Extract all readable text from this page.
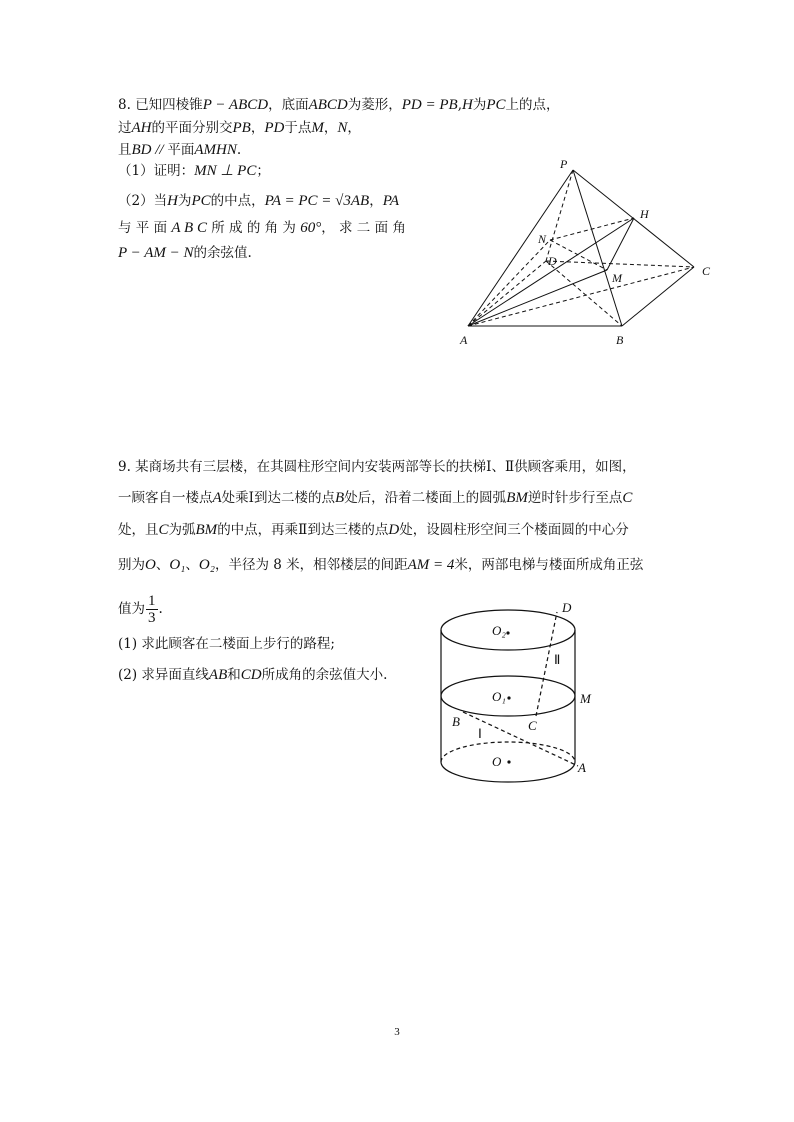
8. 已知四棱锥P − ABCD，底面ABCD为菱形，PD = PB,H为PC上的点，
过AH的平面分别交PB，PD于点M，N，
且BD // 平面AMHN.
（1）证明：MN ⊥ PC；
（2）当H为PC的中点，PA = PC = √3AB，PA
与 平 面 A B C 所 成 的 角 为 60°， 求 二 面 角
P − AM − N的余弦值.
P
H
N
D
M	C
A	B
9. 某商场共有三层楼，在其圆柱形空间内安装两部等长的扶梯Ⅰ、Ⅱ供顾客乘用，如图，
一顾客自一楼点A处乘Ⅰ到达二楼的点B处后，沿着二楼面上的圆弧BM逆时针步行至点C
处，且C为弧BM的中点，再乘Ⅱ到达三楼的点D处，设圆柱形空间三个楼面圆的中心分
别为O、O₁、O₂，半径为 8 米，相邻楼层的间距AM = 4米，两部电梯与楼面所成角正弦
值为 $\frac{1}{3}$ .
(1) 求此顾客在二楼面上步行的路程;
(2) 求异面直线AB和CD所成角的余弦值大小.
D
O₂
Ⅱ
O₁	M
B	C
Ⅰ
O	A
3
